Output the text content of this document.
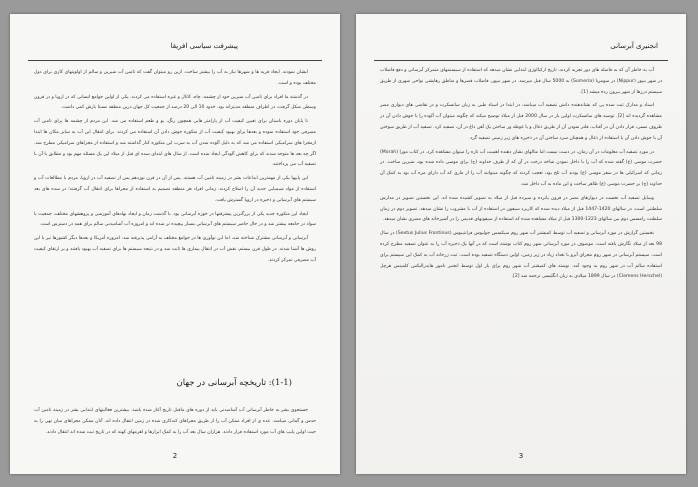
پیشرفت سیاسی افریقا

ایشان نمودند. ایجاد قریه ها و شهرها نیاز به آب را بیشتر ساخت. ازین رو میتوان گفت که تامین آب شیرین و سالم از اولویتهای کاری برای دول مختلف بوده و است.

در گذشته ما افراد برای تامین آب شیرین خود از چشمه، چاه، کانال و غیره استفاده می کردند. یکی از اولین جوامع انسانی که در اروپا و در قرون وسطی شکل گرفت، در اطراف منطقه مدیترانه بود. حدود 10 الی 20 درصد از جمعیت کل جهان درین منطقه نسبتا بارش کمی داشت.

تا پایان دوره باستان برای تعیین کیفیت آب از پارامتر هایی همچون رنگ، بو و طعم استفاده می شد. این مردم از چشمه ها برای تامین آب مصرفی خود استفاده نموده و بعدها برای بهبود کیفیت آب از متکوره جوش دادن آن استفاده می کردند. برای انتقال این آب به سایر مکان ها ابتدا ازمجرا های سرامیکی استفاده می شد که به دلیل آلوده شدن آب به سرب این متکوره کنار گذاشته شد و استفاده از مجراهای سرامیکی مطرح شد. اگر چه بعد ها متوجه شدند که برای کاهش آلودگی ایجاد شده است. از سال های ابتدای سده ای قبل از میلاد این یک مسئله مهم بود و مطابق با آن با تصفیه آب می پرداختند.

این پایپها یکی از مهمترین ابداعات بشر در زمینه تامین آب هستند. پس از آن در قرن نوزدهم پس از تصفیه آب در اروپا، مردم با مطالعات آب و استفاده از مواد شیمیایی جدید آن را اصلاح کردند. زمانی افراد هر منطقه تصمیم به استفاده از مجراها برای انتقال آب گرفتند؛ در سده های بعد سیستم های آبرسانی و ذخیره در اروپا گسترش یافت.

ایجاد این متکوره جدید یکی از بزرگترین پیشرفتها در حوزه آبرسانی بود. با گذشت زمان و ایجاد نهادهای آموزشی و پژوهشهای مختلف، جمعیت با سواد در جامعه بیشتر شد و در حال حاضر سیستم های آبرسانی بسیار پیچیده تر شده اند و امروزه آب آشامیدنی سالم برای همه در دسترس است.

آبرسانی و آبرسانی مشترک شناخته شد، اما این نوآوری ها در جوامع مختلف به آرامی پذیرفته شد. امروزه آمریکا و بعدها دیگر کشورها نیز با این روش ها آشنا شدند. در طول قرن بیستم، نقش آب در انتقال بیماری ها ثابت شد و در نتیجه سیستم ها برای تصفیه آب بهبود یافتند و بر ارتقای کیفیت آب مصرفی تمرکز کردند.

(1-1): تاریخچه آبرسانی در جهان

جستجوی بشر به خاطر آبرسانی آب آشامیدنی باید از دوره های ماقبل تاریخ آغاز شده باشد. بیشترین فعالیتهای ابتدایی بشر در زمینه تامین آب حدس و گمانی میباشد. عده ی از افراد ممکن آب را از طریق مجراهای کندکاری شده در زمین انتقال داده اند. آنان ممکن مجراهای میان تهی را به حیث اولین پایپ های آب مورد استفاده قرار دادند. هزاران سال بعد آب را به کمک ابزارها و اهرمهای کهنه که در تاریخ ثبت شده اند انتقال دادند.

2
انجنیری آبرسانی

آب به خاطر آن که به فاصله های دور تجربه کردند، تاریخ ارکیالوژی ابتدایی نشان میدهد که استفاده از سیستمهای متمرکز آبرسانی و دفع فاضلاب در شهر نیپور (Nippur) در سومریا (Sumeria) به 5000 سال قبل میرسد. در شهر نیپور، فاضلاب قصرها و مناطق رهایشی نواحی شهری از طریق سیستم درزها از شهر بیرون رده میشد [1].

اسناد و مدارک ثبت شده پی که نشاندهنده دانش تصفیه آب میباشد، در ابتدا در اسناد طبی به زبان سانسکرت و در نقاشی های دیواری مصر مشاهده گردیده اند [2]. توصیه های سانسکرت اولین بار در سال 2000 قبل از میلاد توضیح میکند که چگونه میتوان آب آلوده را با جوش دادن آن در ظروف مسی، قرار دادن آن در آفتاب، فلتر نمودن آن از طریق ذغال و یا غوطه ور ساختن یک آهن داغ در آن، تصفیه کرد. تصفیه آب از طریق سوختن آن با جوش دادن آن با استفاده از ذغال و همچنان سرد ساختن آن در ذخیره های زیر زمینی تصفیه گرد.

در مورد تصفیه آب معلومات در آن زمان، در دست نیست اما مثالهای نشان دهنده اهمیت آب تازه را میتوان مشاهده کرد. در کتاب مورا (Morah) حضرت موسی (ع) گفته شده که آب را با داخل نمودن شاخه درخت در آن که از طرف خداوند (ج) برای موسی داده شده بود، شیرین ساخت. در زمانی که اسرائیلی ها در سفر موسی (ع) بودند آب تلخ بود، تعجب کردند که چگونه میتوانند آب را از ماری که آب دارای مزه آب بود به کمک آن خداوند (ج) بر حضرت موسی (ع) ظاهر ساخت و این ماده به آب داخل شد.

وسایل تصفیه آب نخست در دیوارهای مصر در قرون پانزده و سیزده قبل از میلاد به تصویر کشیده شده اند. این نخستین تصویر در مدارس سلطنتی است، در سالهای 1420-1447 قبل از میلاد دیده شده که کاربرد سیفون در استفاده از آب با مشروب را نشان میدهد. تصویر دوم در زمان سلطنت رامسس دوم بین سالهای 1223-1300 قبل از میلاد مشاهده شده که استفاده از سیفونهای قدیمی را در آشپزخانه های مصری نشان میدهد.

نخستین گزارش در مورد آبرسانی و تصفیه آب توسط کمیشنر آب شهر روم سیکسس جولیوس فرانتینوس (Sextus Julius Frontinus) در سال 98 بعد از میلاد نگارش یافته است. موصوف در مورد آبرسانی شهر روم کتاب نوشته است که در آنها یک ذخیره آب را به عنوان تصفیه مطرح کرده است. سیستم آبرسانی در شهر روم مجرای آبرو با تعداد زیاد در زیر زمین، اولین دستگاه تصفیه بوده است. ثبت زرخانه آب به کمک این سیستم برای استفاده سالم آب در شهر روم به وجود آمد. نوشته های کمیشنر آب شهر روم برای بار اول توسط انجنیر نامور هایدرالیکس کلمینس هرچل (Clemens Herschel) در سال 1899 میلادی به زبان انگلیسی ترجمه شد [2].

3
